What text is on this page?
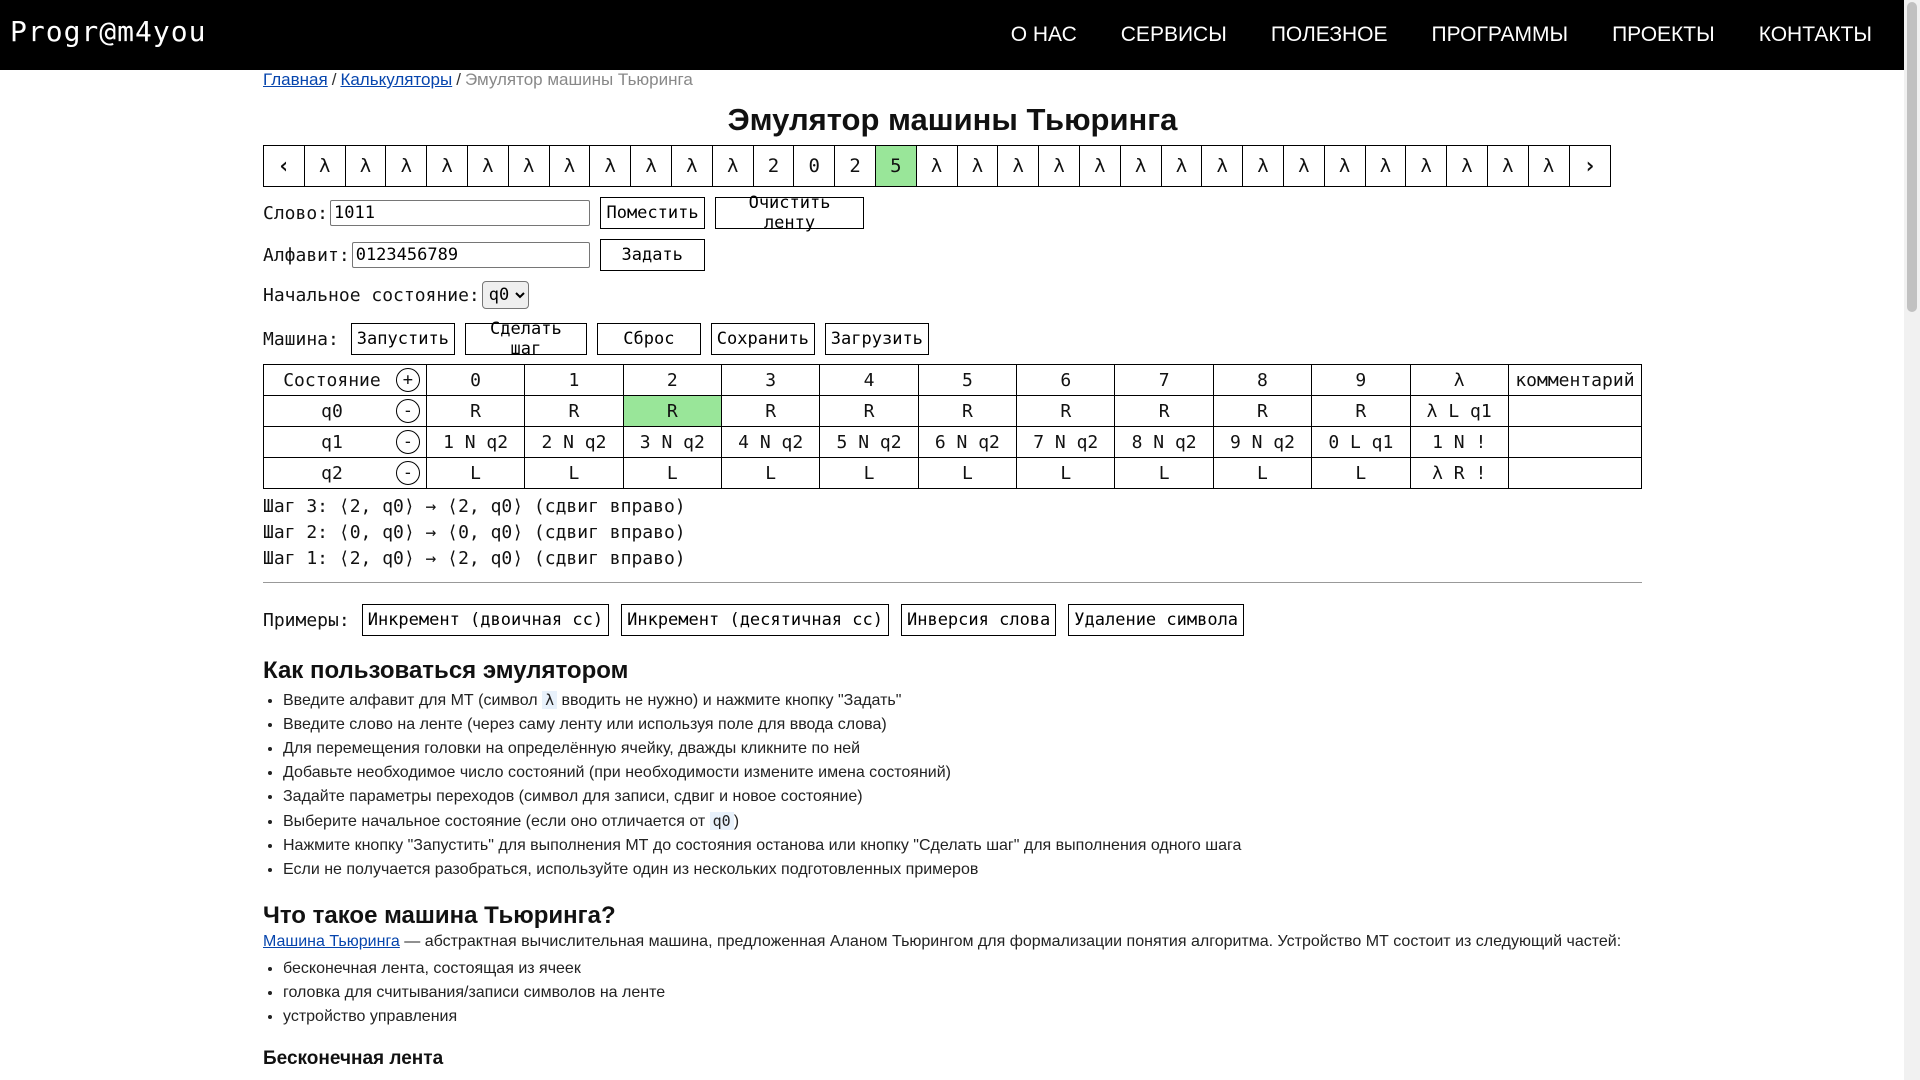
Progr@m4you	О НАС СЕРВИСЫ ПОЛЕЗНОЕ ПРОГРАММЫ ПРОЕКТЫ КОНТАКТЫ
Главная / Калькуляторы / Эмулятор машины Тьюринга
Эмулятор машины Тьюринга
‹	λ	λ	λ	λ	λ	λ	λ	λ	λ	λ	λ	2	0	2	5	λ	λ	λ	λ	λ	λ	λ	λ	λ	λ	λ	λ	λ	λ	λ	λ	›
Слово:
1011	Поместить	Очистить ленту
Алфавит:
0123456789	Задать
Начальное состояние:
q0
Машина:	Запустить	Сделать шаг	Сброс	Сохранить	Загрузить
Состояние +	0	1	2	3	4	5	6	7	8	9	λ	комментарий
q0 -	R	R	R	R	R	R	R	R	R	R	λ L q1	
q1 -	1 N q2	2 N q2	3 N q2	4 N q2	5 N q2	6 N q2	7 N q2	8 N q2	9 N q2	0 L q1	1 N !	
q2 -	L	L	L	L	L	L	L	L	L	L	λ R !	
Шаг 3: ⟨2, q0⟩ → ⟨2, q0⟩ (сдвиг вправо)
Шаг 2: ⟨0, q0⟩ → ⟨0, q0⟩ (сдвиг вправо)
Шаг 1: ⟨2, q0⟩ → ⟨2, q0⟩ (сдвиг вправо)
Примеры:	Инкремент (двоичная сс)	Инкремент (десятичная сс)	Инверсия слова	Удаление символа
Как пользоваться эмулятором
• Введите алфавит для МТ (символ λ вводить не нужно) и нажмите кнопку "Задать"
• Введите слово на ленте (через саму ленту или используя поле для ввода слова)
• Для перемещения головки на определённую ячейку, дважды кликните по ней
• Добавьте необходимое число состояний (при необходимости измените имена состояний)
• Задайте параметры переходов (символ для записи, сдвиг и новое состояние)
• Выберите начальное состояние (если оно отличается от q0 )
• Нажмите кнопку "Запустить" для выполнения МТ до состояния останова или кнопку "Сделать шаг" для выполнения одного шага
• Если не получается разобраться, используйте один из нескольких подготовленных примеров
Что такое машина Тьюринга?

Машина Тьюринга — абстрактная вычислительная машина, предложенная Аланом Тьюрингом для формализации понятия алгоритма. Устройство МТ состоит из следующий частей:

• бесконечная лента, состоящая из ячеек
• головка для считывания/записи символов на ленте
• устройство управления
Бесконечная лента
